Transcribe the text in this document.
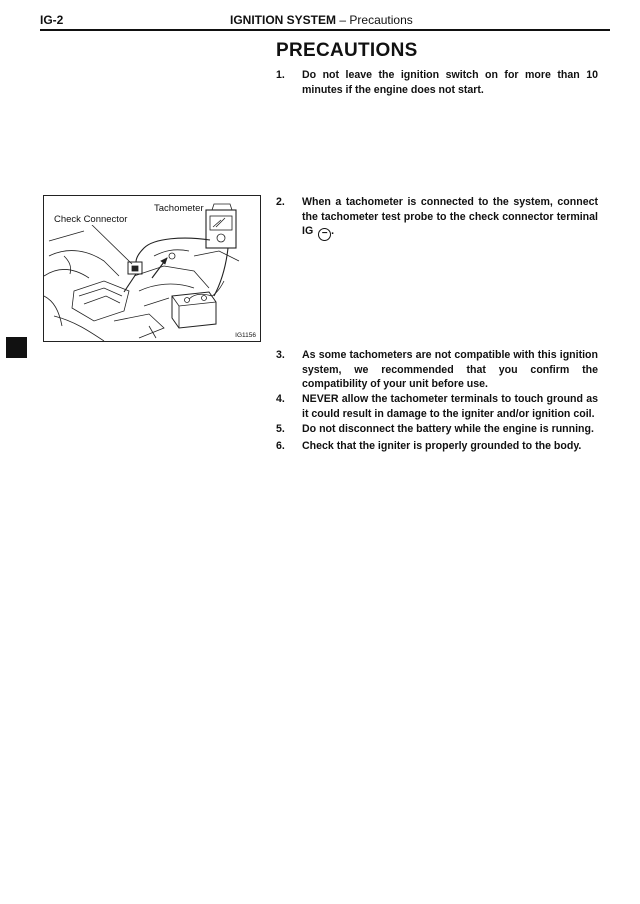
IG-2	IGNITION SYSTEM – Precautions
PRECAUTIONS
1. Do not leave the ignition switch on for more than 10 minutes if the engine does not start.
2. When a tachometer is connected to the system, connect the tachometer test probe to the check connector terminal IG − .
3. As some tachometers are not compatible with this ignition system, we recommended that you confirm the compatibility of your unit before use.
4. NEVER allow the tachometer terminals to touch ground as it could result in damage to the igniter and/or ignition coil.
5. Do not disconnect the battery while the engine is running.
6. Check that the igniter is properly grounded to the body.
Tachometer
Check Connector
IG1156
